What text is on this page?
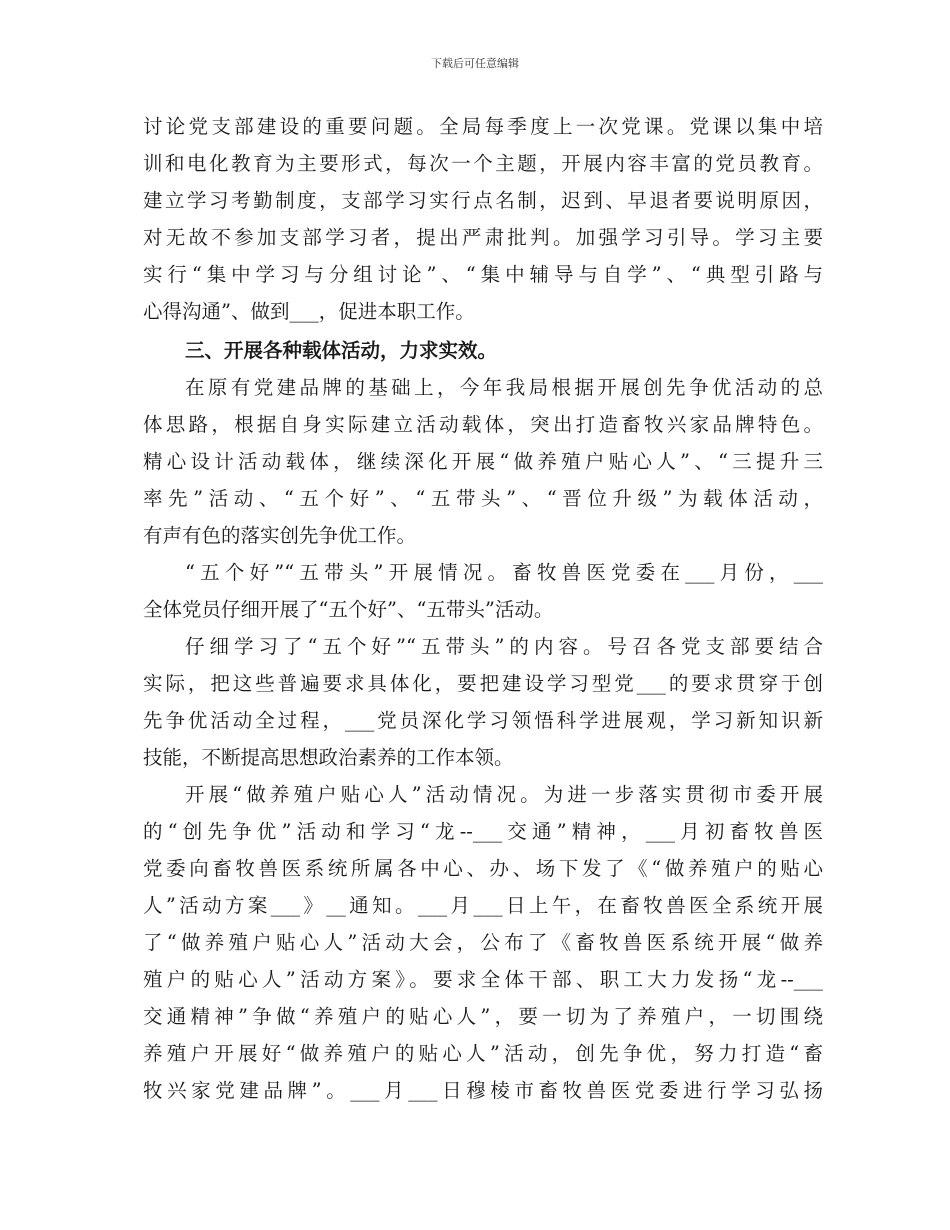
下载后可任意编辑
讨论党支部建设的重要问题。全局每季度上一次党课。党课以集中培
训和电化教育为主要形式，每次一个主题，开展内容丰富的党员教育。
建立学习考勤制度，支部学习实行点名制，迟到、早退者要说明原因，
对无故不参加支部学习者，提出严肃批判。加强学习引导。学习主要
实行“集中学习与分组讨论”、“集中辅导与自学”、“典型引路与
心得沟通”、做到___，促进本职工作。
三、开展各种载体活动，力求实效。
在原有党建品牌的基础上，今年我局根据开展创先争优活动的总
体思路，根据自身实际建立活动载体，突出打造畜牧兴家品牌特色。
精心设计活动载体，继续深化开展“做养殖户贴心人”、“三提升三
率先”活动、“五个好”、“五带头”、“晋位升级”为载体活动，
有声有色的落实创先争优工作。
“五个好”“五带头”开展情况。畜牧兽医党委在___月份，___
全体党员仔细开展了“五个好”、“五带头”活动。
仔细学习了“五个好”“五带头”的内容。号召各党支部要结合
实际，把这些普遍要求具体化，要把建设学习型党___的要求贯穿于创
先争优活动全过程，___党员深化学习领悟科学进展观，学习新知识新
技能，不断提高思想政治素养的工作本领。
开展“做养殖户贴心人”活动情况。为进一步落实贯彻市委开展
的“创先争优”活动和学习“龙--___交通”精神，___月初畜牧兽医
党委向畜牧兽医系统所属各中心、办、场下发了《“做养殖户的贴心
人”活动方案___》__通知。___月___日上午，在畜牧兽医全系统开展
了“做养殖户贴心人”活动大会，公布了《畜牧兽医系统开展“做养
殖户的贴心人”活动方案》。要求全体干部、职工大力发扬“龙--___
交通精神”争做“养殖户的贴心人”，要一切为了养殖户，一切围绕
养殖户开展好“做养殖户的贴心人”活动，创先争优，努力打造“畜
牧兴家党建品牌”。___月___日穆棱市畜牧兽医党委进行学习弘扬
